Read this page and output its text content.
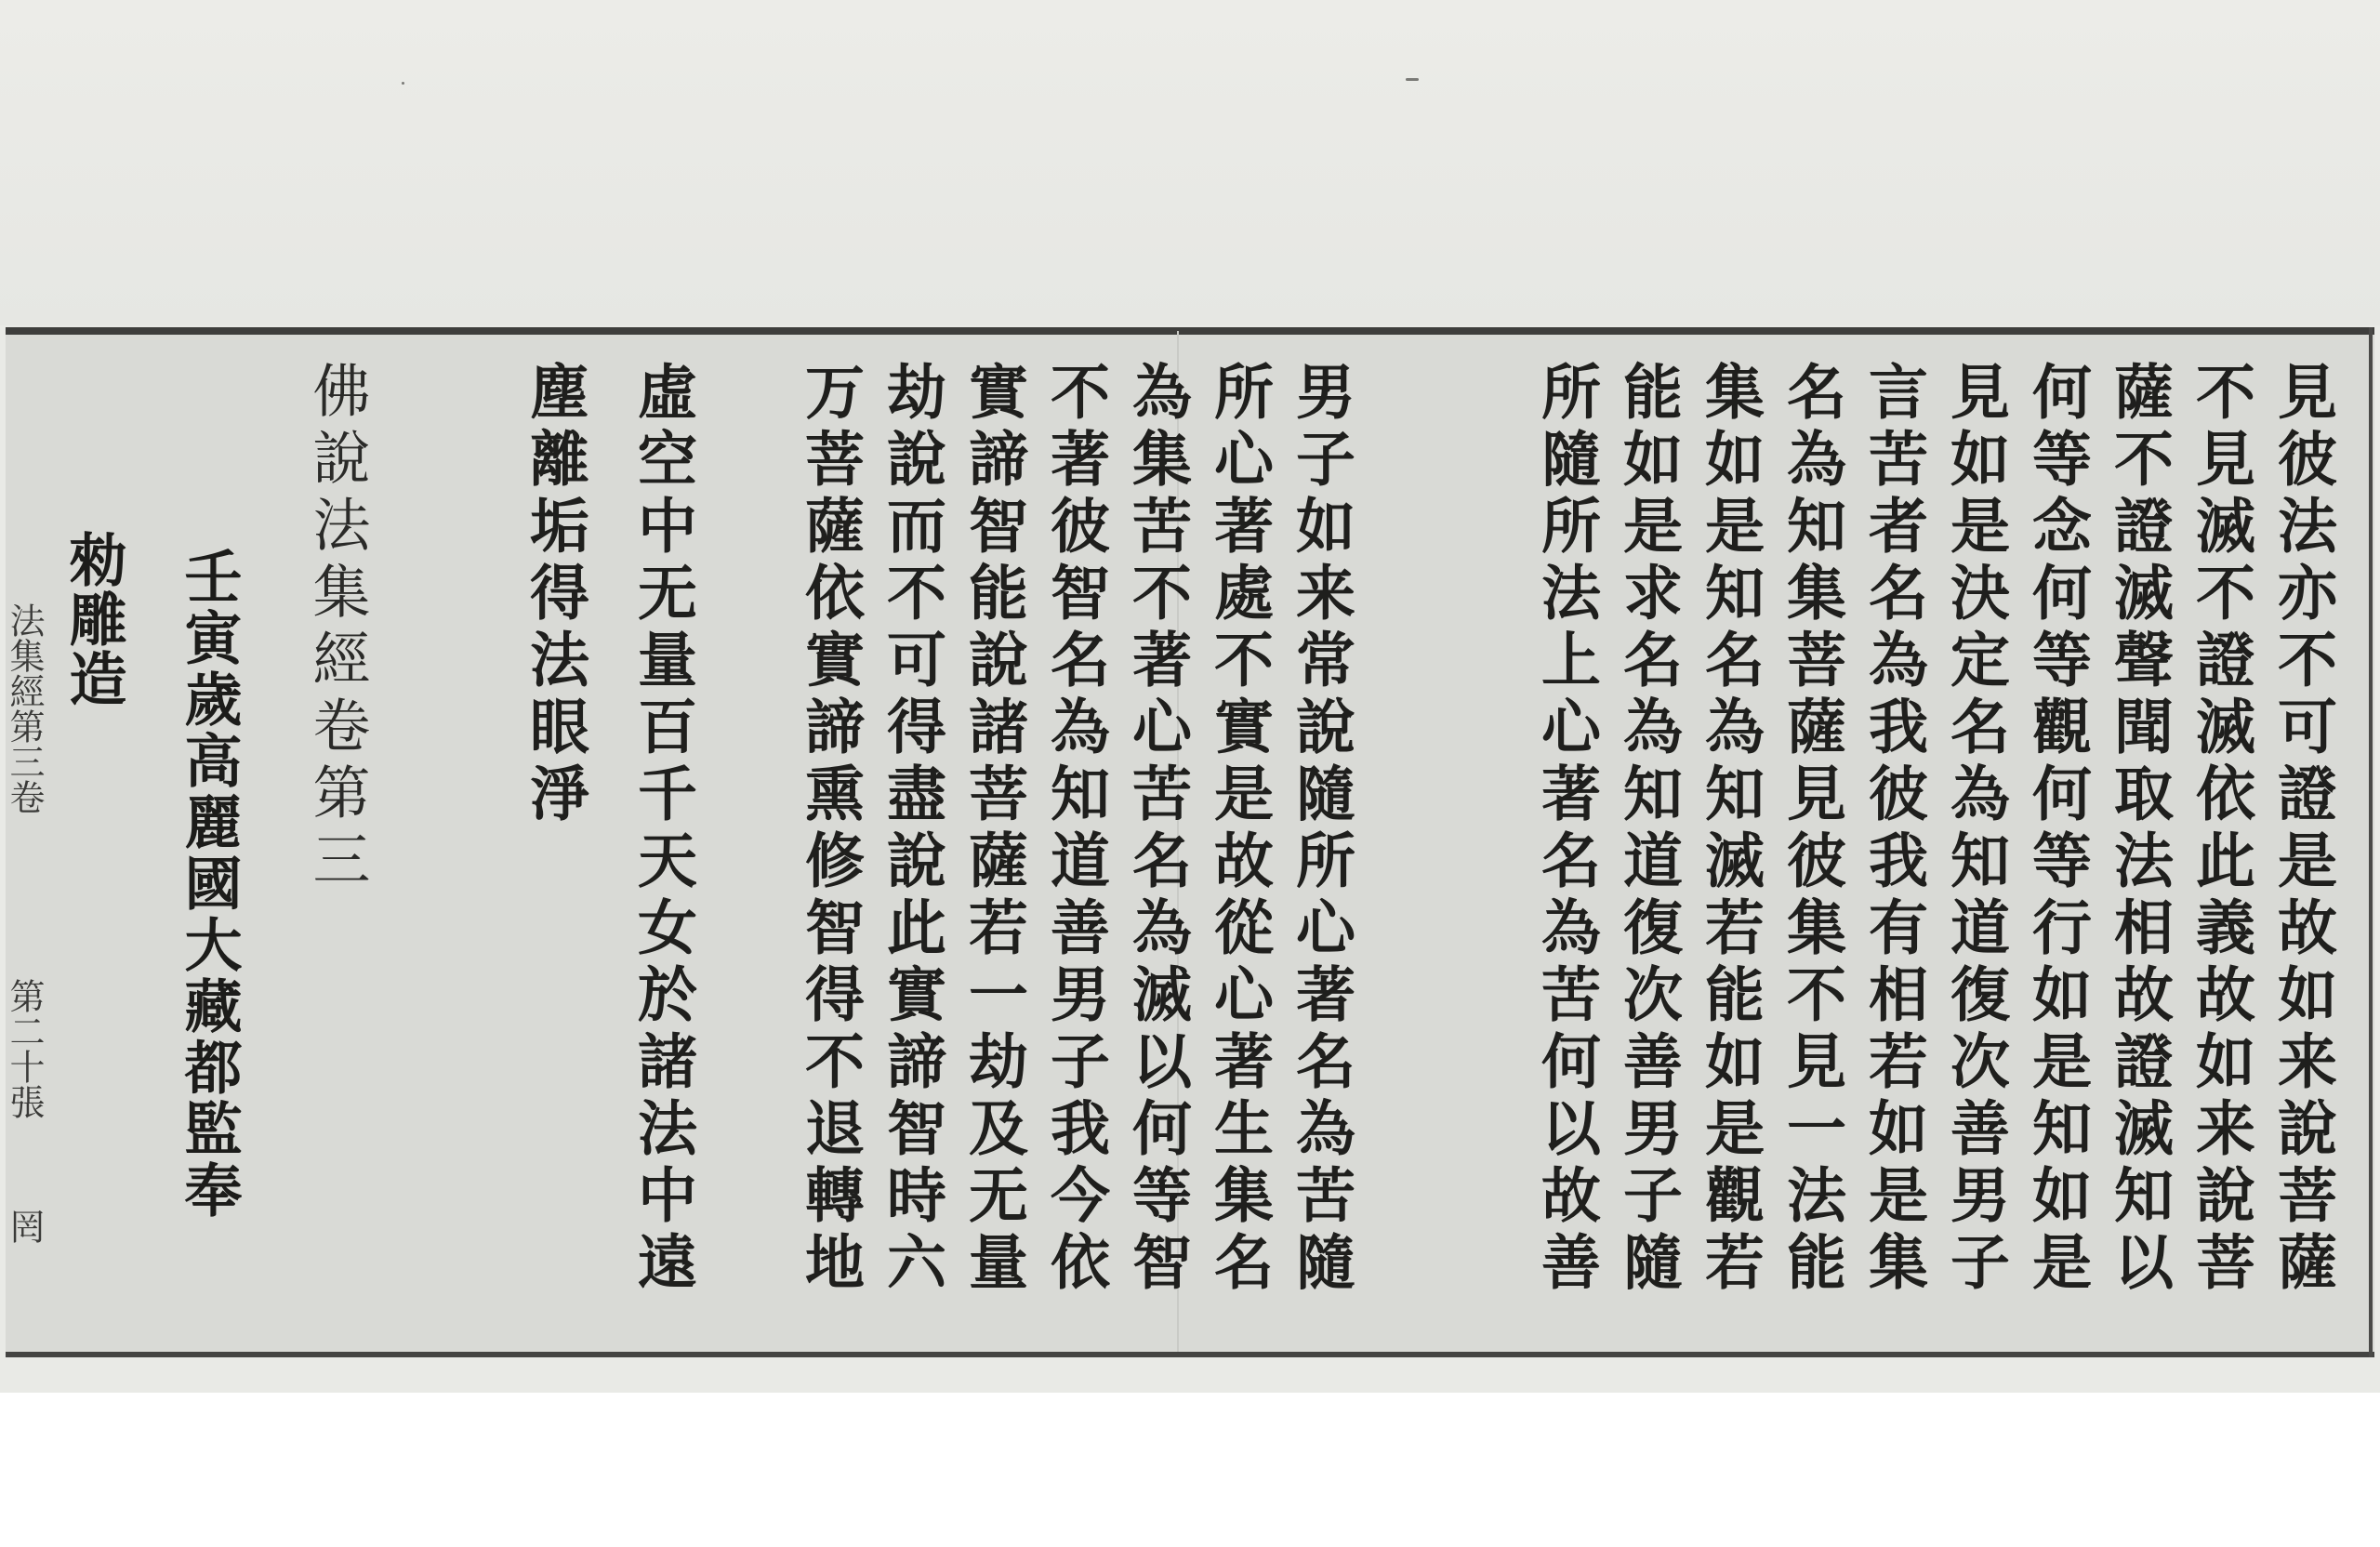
見彼法亦不可證是故如来說菩薩
不見滅不證滅依此義故如来說菩
薩不證滅聲聞取法相故證滅知以
何等念何等觀何等行如是知如是
見如是決定名為知道復次善男子
言苦者名為我彼我有相若如是集
名為知集菩薩見彼集不見一法能
集如是知名為知滅若能如是觀若
能如是求名為知道復次善男子隨
所隨所法上心著名為苦何以故善
男子如来常說隨所心著名為苦隨
所心著處不實是故從心著生集名
為集苦不著心苦名為滅以何等智
不著彼智名為知道善男子我今依
實諦智能說諸菩薩若一劫及无量
劫說而不可得盡說此實諦智時六
万菩薩依實諦熏修智得不退轉地
虛空中无量百千天女於諸法中遠
塵離垢得法眼淨
佛說法集經卷第三
壬寅歲高麗國大藏都監奉
勑雕造
法集經第三卷
第二十張
罔
